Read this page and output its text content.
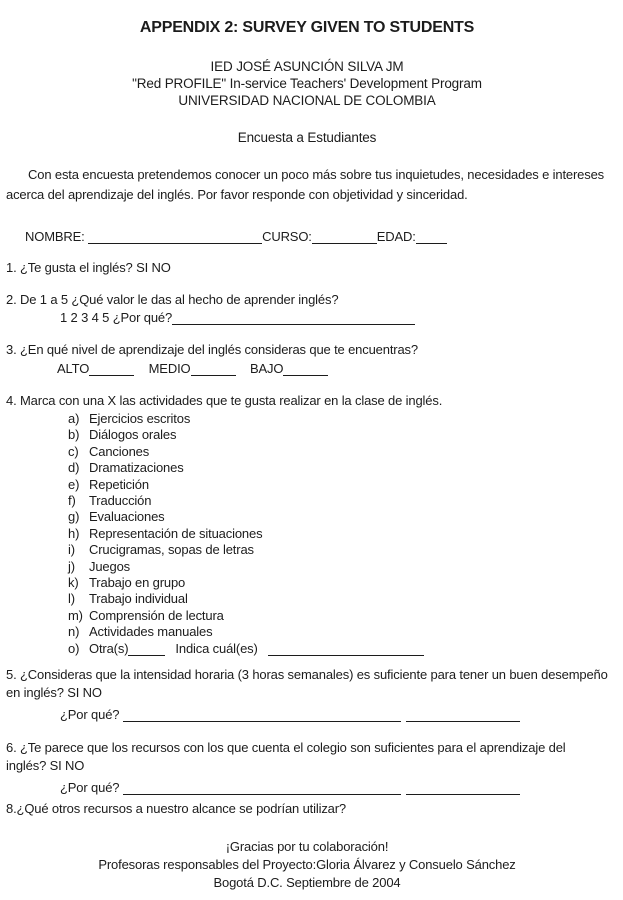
APPENDIX 2: SURVEY GIVEN TO STUDENTS
IED JOSÉ ASUNCIÓN SILVA JM
"Red PROFILE" In-service Teachers' Development Program
UNIVERSIDAD NACIONAL DE COLOMBIA
Encuesta a Estudiantes
Con esta encuesta pretendemos conocer un poco más sobre tus inquietudes, necesidades e intereses
acerca del aprendizaje del inglés. Por favor responde con objetividad y sinceridad.
NOMBRE:	CURSO:	EDAD:
1. ¿Te gusta el inglés? SI NO
2. De 1 a 5 ¿Qué valor le das al hecho de aprender inglés?
1 2 3 4 5 ¿Por qué?
3. ¿En qué nivel de aprendizaje del inglés consideras que te encuentras?
ALTO	MEDIO	BAJO
4. Marca con una X las actividades que te gusta realizar en la clase de inglés.
a) Ejercicios escritos
b) Diálogos orales
c) Canciones
d) Dramatizaciones
e) Repetición
f)	Traducción
g) Evaluaciones
h) Representación de situaciones
i)	Crucigramas, sopas de letras
j)	Juegos
k) Trabajo en grupo
l)	Trabajo individual
m) Comprensión de lectura
n) Actividades manuales
o) Otra(s)	Indica cuál(es)
5. ¿Consideras que la intensidad horaria (3 horas semanales) es suficiente para tener un buen desempeño
en inglés? SI NO
¿Por qué?
6. ¿Te parece que los recursos con los que cuenta el colegio son suficientes para el aprendizaje del
inglés? SI NO
¿Por qué?
8.¿Qué otros recursos a nuestro alcance se podrían utilizar?
¡Gracias por tu colaboración!
Profesoras responsables del Proyecto:Gloria Álvarez y Consuelo Sánchez
Bogotá D.C. Septiembre de 2004
